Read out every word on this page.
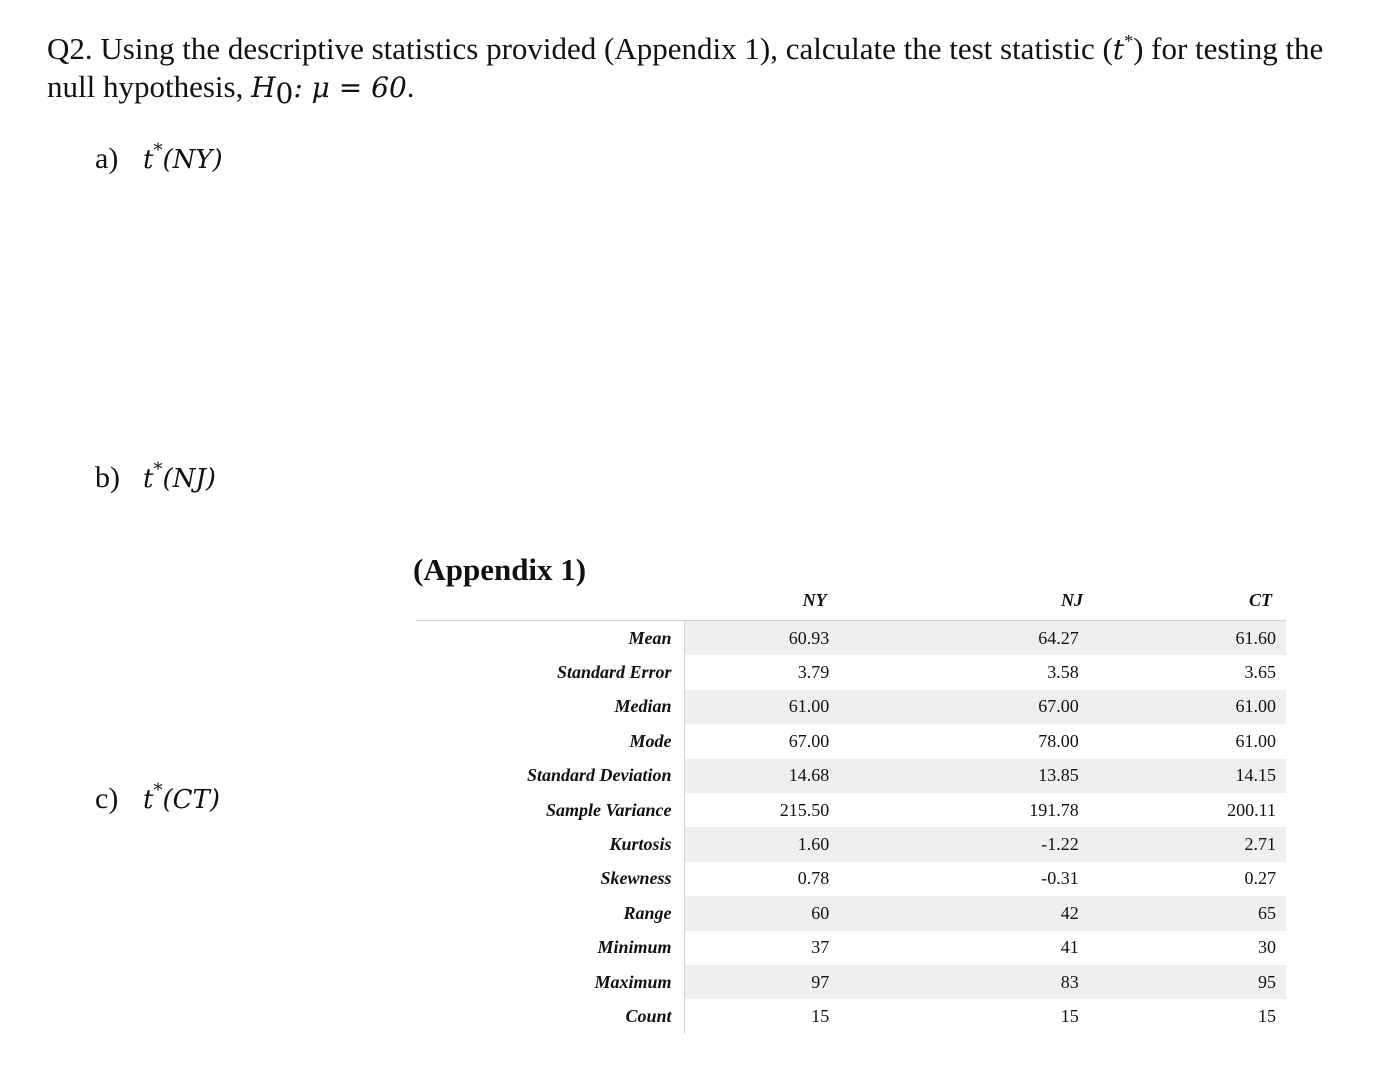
Q2. Using the descriptive statistics provided (Appendix 1), calculate the test statistic (t*) for testing the null hypothesis, $H_0$: μ = 60.
a) t*(NY)
b) t*(NJ)
c) t*(CT)
(Appendix 1)
	NY	NJ	CT
Mean	60.93	64.27	61.60
Standard Error	3.79	3.58	3.65
Median	61.00	67.00	61.00
Mode	67.00	78.00	61.00
Standard Deviation	14.68	13.85	14.15
Sample Variance	215.50	191.78	200.11
Kurtosis	1.60	-1.22	2.71
Skewness	0.78	-0.31	0.27
Range	60	42	65
Minimum	37	41	30
Maximum	97	83	95
Count	15	15	15
